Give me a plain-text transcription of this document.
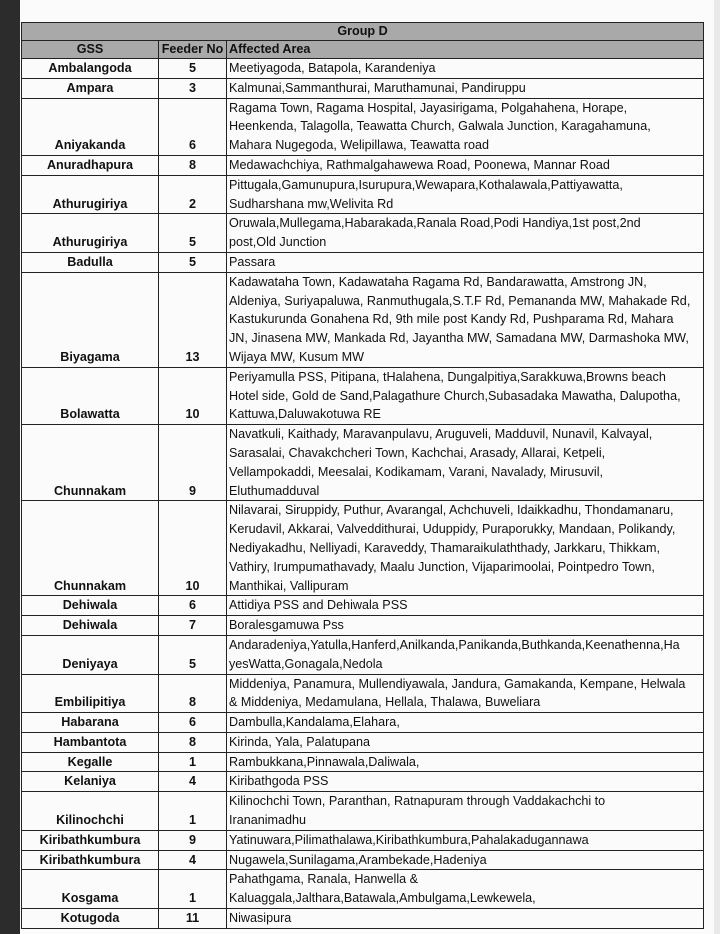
Group D		
GSS	Feeder No	Affected Area
Ambalangoda	5	Meetiyagoda, Batapola, Karandeniya

Ampara	3	Kalmunai,Sammanthurai, Maruthamunai, Pandiruppu

Aniyakanda	6	Ragama Town, Ragama Hospital, Jayasirigama, Polgahahena, Horape,
Heenkenda, Talagolla, Teawatta Church, Galwala Junction, Karagahamuna,
Mahara Nugegoda, Welipillawa, Teawatta road

Anuradhapura	8	Medawachchiya, Rathmalgahawewa Road, Poonewa, Mannar Road

Athurugiriya	2	Pittugala,Gamunupura,Isurupura,Wewapara,Kothalawala,Pattiyawatta,
Sudharshana mw,Welivita Rd

Athurugiriya	5	Oruwala,Mullegama,Habarakada,Ranala Road,Podi Handiya,1st post,2nd
post,Old Junction

Badulla	5	Passara

Biyagama	13	Kadawataha Town, Kadawataha Ragama Rd, Bandarawatta, Amstrong JN,
Aldeniya, Suriyapaluwa, Ranmuthugala,S.T.F Rd, Pemananda MW, Mahakade Rd,
Kastukurunda Gonahena Rd, 9th mile post Kandy Rd, Pushparama Rd, Mahara
JN, Jinasena MW, Mankada Rd, Jayantha MW, Samadana MW, Darmashoka MW,
Wijaya MW, Kusum MW

Bolawatta	10	Periyamulla PSS, Pitipana, tHalahena, Dungalpitiya,Sarakkuwa,Browns beach
Hotel side, Gold de Sand,Palagathure Church,Subasadaka Mawatha, Dalupotha,
Kattuwa,Daluwakotuwa RE

Chunnakam	9	Navatkuli, Kaithady, Maravanpulavu, Aruguveli, Madduvil, Nunavil, Kalvayal,
Sarasalai, Chavakchcheri Town, Kachchai, Arasady, Allarai, Ketpeli,
Vellampokaddi, Meesalai, Kodikamam, Varani, Navalady, Mirusuvil,
Eluthumadduval

Chunnakam	10	Nilavarai, Siruppidy, Puthur, Avarangal, Achchuveli, Idaikkadhu, Thondamanaru,
Kerudavil, Akkarai, Valveddithurai, Uduppidy, Puraporukky, Mandaan, Polikandy,
Nediyakadhu, Nelliyadi, Karaveddy, Thamaraikulaththady, Jarkkaru, Thikkam,
Vathiry, Irumpumathavady, Maalu Junction, Vijaparimoolai, Pointpedro Town,
Manthikai, Vallipuram

Dehiwala	6	Attidiya PSS and Dehiwala PSS

Dehiwala	7	Boralesgamuwa Pss

Deniyaya	5	Andaradeniya,Yatulla,Hanferd,Anilkanda,Panikanda,Buthkanda,Keenathenna,Ha
yesWatta,Gonagala,Nedola

Embilipitiya	8	Middeniya, Panamura, Mullendiyawala, Jandura, Gamakanda, Kempane, Helwala
& Middeniya, Medamulana, Hellala, Thalawa, Buweliara

Habarana	6	Dambulla,Kandalama,Elahara,

Hambantota	8	Kirinda, Yala, Palatupana

Kegalle	1	Rambukkana,Pinnawala,Daliwala,

Kelaniya	4	Kiribathgoda PSS

Kilinochchi	1	Kilinochchi Town, Paranthan, Ratnapuram through Vaddakachchi to
Irananimadhu

Kiribathkumbura	9	Yatinuwara,Pilimathalawa,Kiribathkumbura,Pahalakadugannawa

Kiribathkumbura	4	Nugawela,Sunilagama,Arambekade,Hadeniya

Kosgama	1	Pahathgama, Ranala, Hanwella &
Kaluaggala,Jalthara,Batawala,Ambulgama,Lewkewela,

Kotugoda	11	Niwasipura
